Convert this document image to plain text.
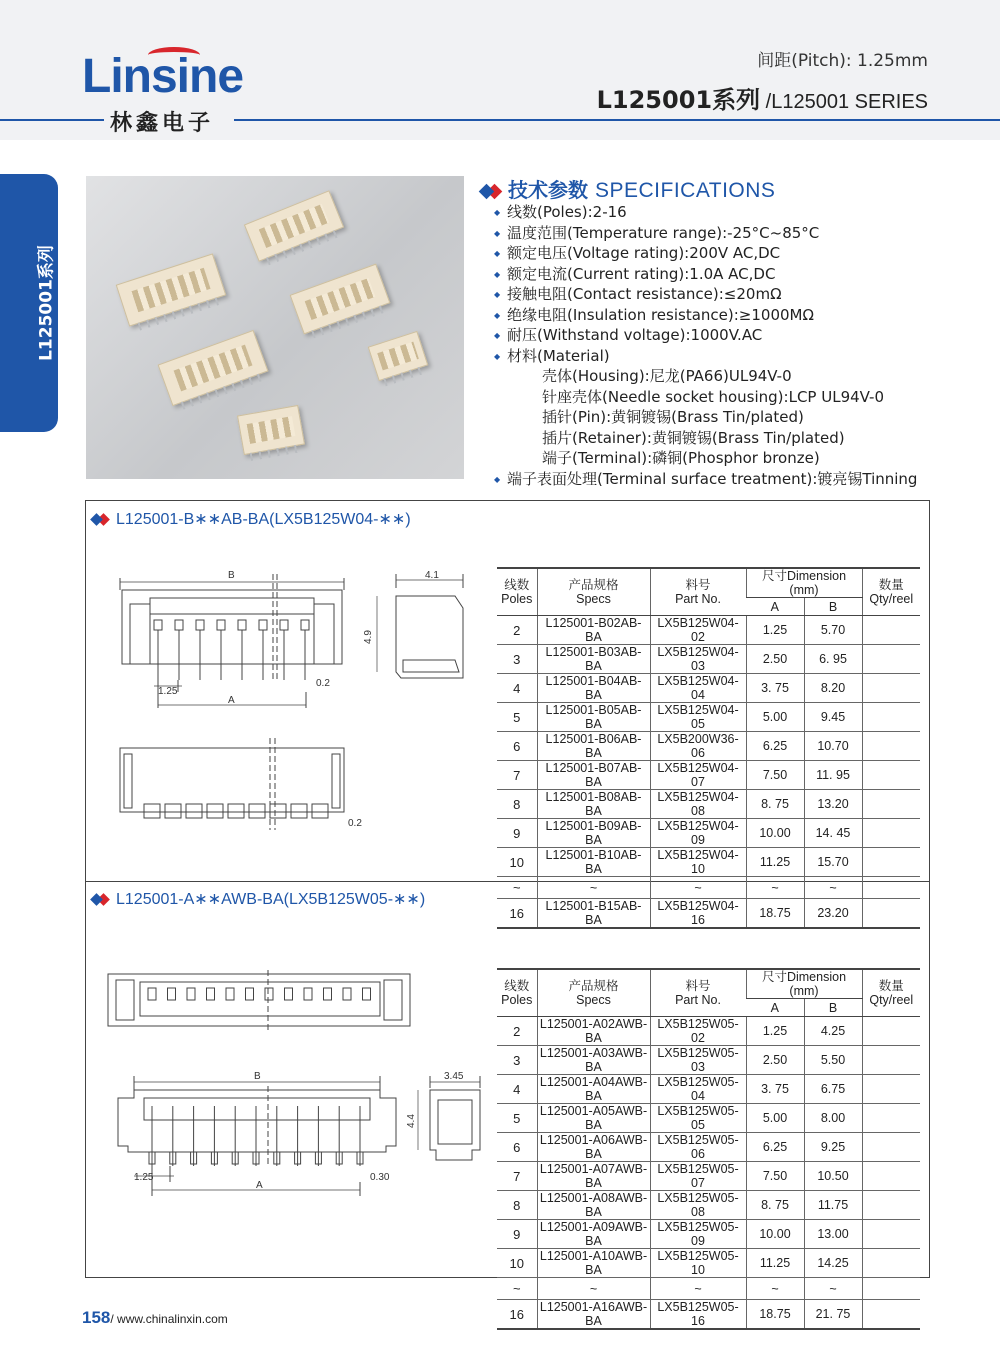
Linsine
林鑫电子
间距(Pitch): 1.25mm
L125001系列 /L125001 SERIES
L125001系列
技术参数 SPECIFICATIONS
◆ 线数(Poles):2-16
◆ 温度范围(Temperature range):-25°C~85°C
◆ 额定电压(Voltage rating):200V AC,DC
◆ 额定电流(Current rating):1.0A AC,DC
◆ 接触电阻(Contact resistance):≤20mΩ
◆ 绝缘电阻(Insulation resistance):≥1000MΩ
◆ 耐压(Withstand voltage):1000V.AC
◆ 材料(Material)
壳体(Housing):尼龙(PA66)UL94V-0
针座壳体(Needle socket housing):LCP UL94V-0
插针(Pin):黄铜镀锡(Brass Tin/plated)
插片(Retainer):黄铜镀锡(Brass Tin/plated)
端子(Terminal):磷铜(Phosphor bronze)
◆ 端子表面处理(Terminal surface treatment):镀亮锡Tinning
L125001-B∗∗AB-BA(LX5B125W04-∗∗)
L125001-A∗∗AWB-BA(LX5B125W05-∗∗)
B
1.25
A
0.2
4.1
4.9
0.2
B
1.25
A
0.30
3.45
4.4
线数
Poles	产品规格
Specs	料号
Part No.	尺寸Dimension (mm)		数量
Qty/reel
			A	B	
2	L125001-B02AB-BA	LX5B125W04-02	1.25	5.70	
3	L125001-B03AB-BA	LX5B125W04-03	2.50	6. 95	
4	L125001-B04AB-BA	LX5B125W04-04	3. 75	8.20	
5	L125001-B05AB-BA	LX5B125W04-05	5.00	9.45	
6	L125001-B06AB-BA	LX5B200W36-06	6.25	10.70	
7	L125001-B07AB-BA	LX5B125W04-07	7.50	11. 95	
8	L125001-B08AB-BA	LX5B125W04-08	8. 75	13.20	
9	L125001-B09AB-BA	LX5B125W04-09	10.00	14. 45	
10	L125001-B10AB-BA	LX5B125W04-10	11.25	15.70	
~	~	~	~	~	
16	L125001-B15AB-BA	LX5B125W04-16	18.75	23.20	
线数
Poles	产品规格
Specs	料号
Part No.	尺寸Dimension (mm)		数量
Qty/reel
			A	B	
2	L125001-A02AWB-BA	LX5B125W05-02	1.25	4.25	
3	L125001-A03AWB-BA	LX5B125W05-03	2.50	5.50	
4	L125001-A04AWB-BA	LX5B125W05-04	3. 75	6.75	
5	L125001-A05AWB-BA	LX5B125W05-05	5.00	8.00	
6	L125001-A06AWB-BA	LX5B125W05-06	6.25	9.25	
7	L125001-A07AWB-BA	LX5B125W05-07	7.50	10.50	
8	L125001-A08AWB-BA	LX5B125W05-08	8. 75	11.75	
9	L125001-A09AWB-BA	LX5B125W05-09	10.00	13.00	
10	L125001-A10AWB-BA	LX5B125W05-10	11.25	14.25	
~	~	~	~	~	
16	L125001-A16AWB-BA	LX5B125W05-16	18.75	21. 75	
158/ www.chinalinxin.com
